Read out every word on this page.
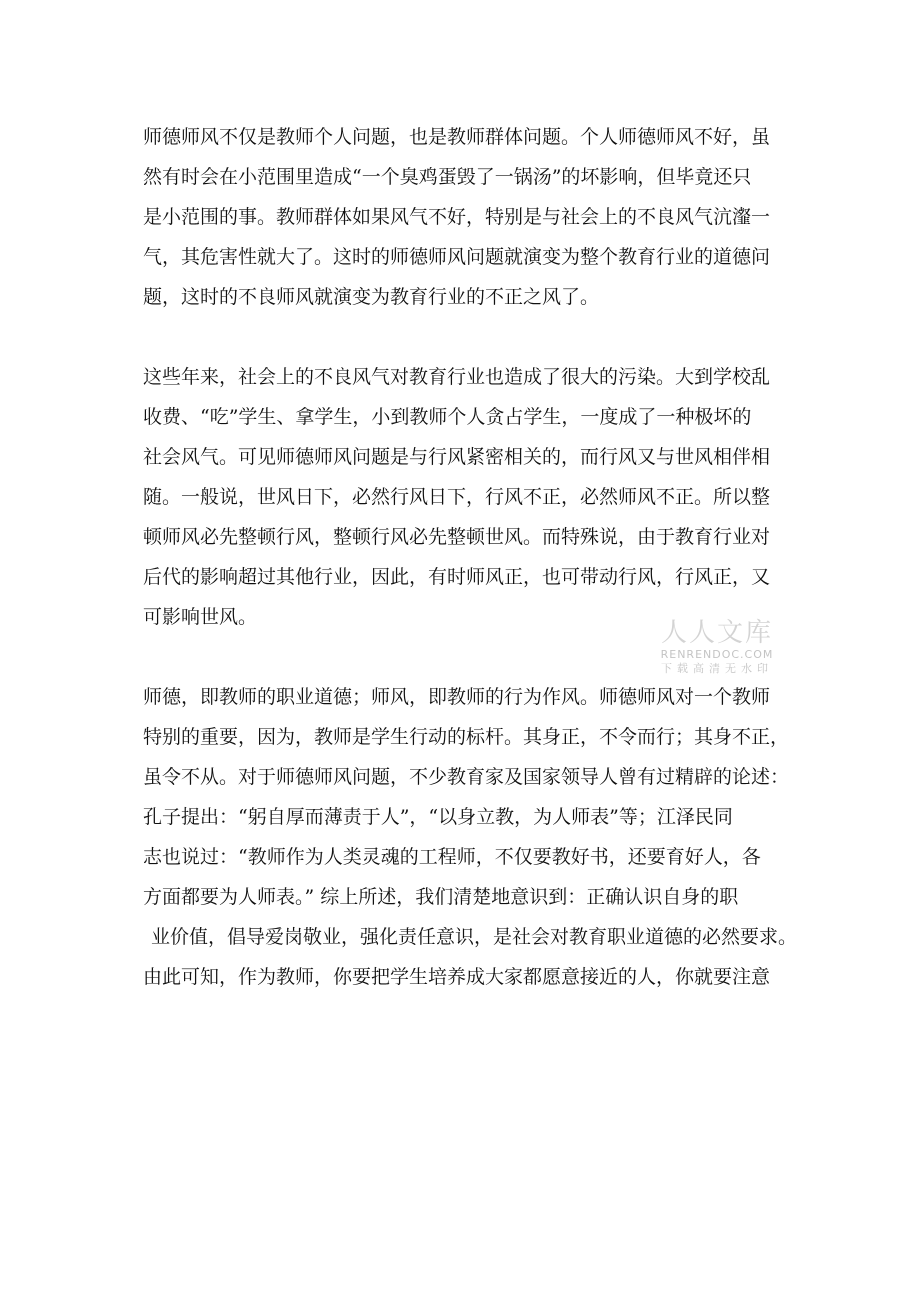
师德师风不仅是教师个人问题，也是教师群体问题。个人师德师风不好，虽
然有时会在小范围里造成“一个臭鸡蛋毁了一锅汤”的坏影响，但毕竟还只
是小范围的事。教师群体如果风气不好，特别是与社会上的不良风气沆瀣一
气，其危害性就大了。这时的师德师风问题就演变为整个教育行业的道德问
题，这时的不良师风就演变为教育行业的不正之风了。
这些年来，社会上的不良风气对教育行业也造成了很大的污染。大到学校乱
收费、“吃”学生、拿学生，小到教师个人贪占学生，一度成了一种极坏的
社会风气。可见师德师风问题是与行风紧密相关的，而行风又与世风相伴相
随。一般说，世风日下，必然行风日下，行风不正，必然师风不正。所以整
顿师风必先整顿行风，整顿行风必先整顿世风。而特殊说，由于教育行业对
后代的影响超过其他行业，因此，有时师风正，也可带动行风，行风正，又
可影响世风。
师德，即教师的职业道德；师风，即教师的行为作风。师德师风对一个教师
特别的重要，因为，教师是学生行动的标杆。其身正，不令而行；其身不正，
虽令不从。对于师德师风问题，不少教育家及国家领导人曾有过精辟的论述：
孔子提出：“躬自厚而薄责于人”，“以身立教，为人师表”等；江泽民同
志也说过：“教师作为人类灵魂的工程师，不仅要教好书，还要育好人，各
方面都要为人师表。” 综上所述，我们清楚地意识到：正确认识自身的职
业价值，倡导爱岗敬业，强化责任意识，是社会对教育职业道德的必然要求。
由此可知，作为教师，你要把学生培养成大家都愿意接近的人，你就要注意
人人文库
RENRENDOC.COM
下载高清无水印
